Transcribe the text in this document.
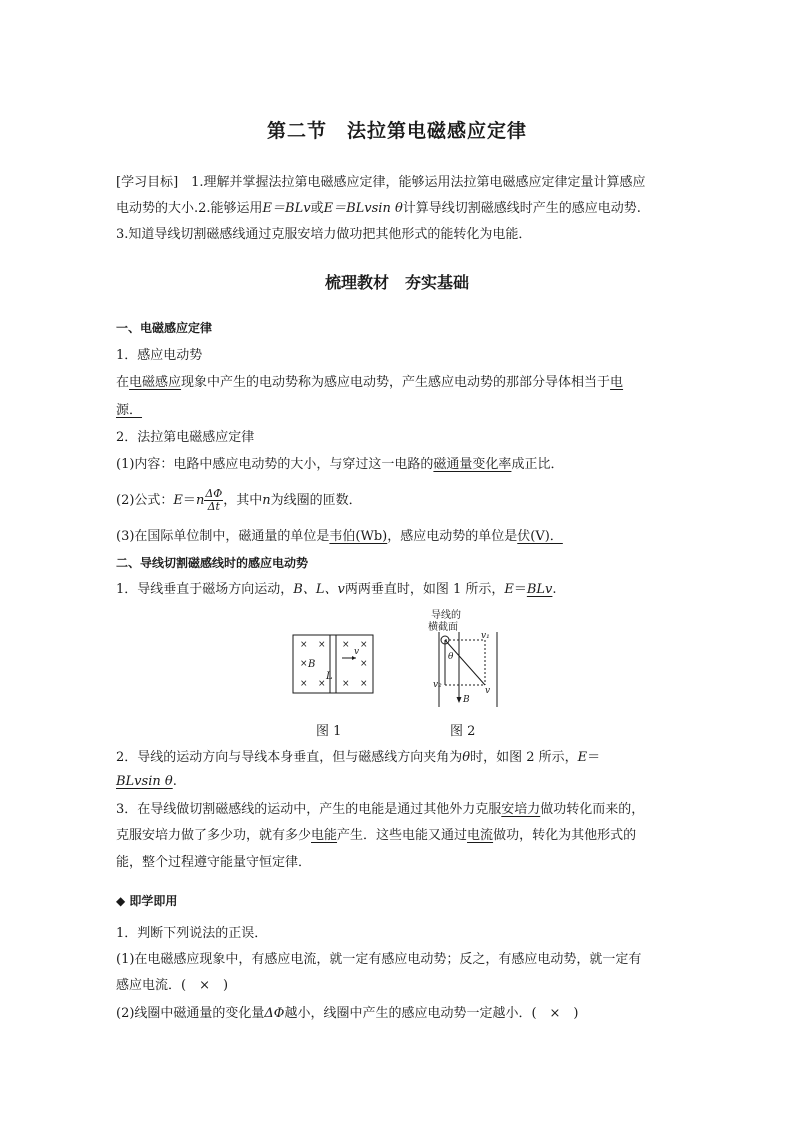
第二节　法拉第电磁感应定律
[学习目标]　1.理解并掌握法拉第电磁感应定律，能够运用法拉第电磁感应定律定量计算感应
电动势的大小.2.能够运用E＝BLv或E＝BLvsin θ计算导线切割磁感线时产生的感应电动势.
3.知道导线切割磁感线通过克服安培力做功把其他形式的能转化为电能．
梳理教材　夯实基础
一、电磁感应定律
1．感应电动势
在电磁感应现象中产生的电动势称为感应电动势，产生感应电动势的那部分导体相当于电
源．
2．法拉第电磁感应定律
(1)内容：电路中感应电动势的大小，与穿过这一电路的磁通量变化率成正比．
(2)公式：$E=n \frac{\Delta\Phi}{\Delta t}$ ，其中n为线圈的匝数．
(3)在国际单位制中，磁通量的单位是韦伯(Wb)，感应电动势的单位是伏(V)．
二、导线切割磁感线时的感应电动势
1．导线垂直于磁场方向运动，B、L、v两两垂直时，如图 1 所示，E＝BLv.
× × × ×
×	×
× × × ×
B
L
v
图 1
导线的
横截面
v₁
v₂
θ
v
B
图 2
2．导线的运动方向与导线本身垂直，但与磁感线方向夹角为θ时，如图 2 所示，E＝
BLvsin θ.
3．在导线做切割磁感线的运动中，产生的电能是通过其他外力克服安培力做功转化而来的，
克服安培力做了多少功，就有多少电能产生．这些电能又通过电流做功，转化为其他形式的
能，整个过程遵守能量守恒定律．
◆ 即学即用
1．判断下列说法的正误．
(1)在电磁感应现象中，有感应电流，就一定有感应电动势；反之，有感应电动势，就一定有
感应电流．(　×　)
(2)线圈中磁通量的变化量ΔΦ越小，线圈中产生的感应电动势一定越小．(　×　)
